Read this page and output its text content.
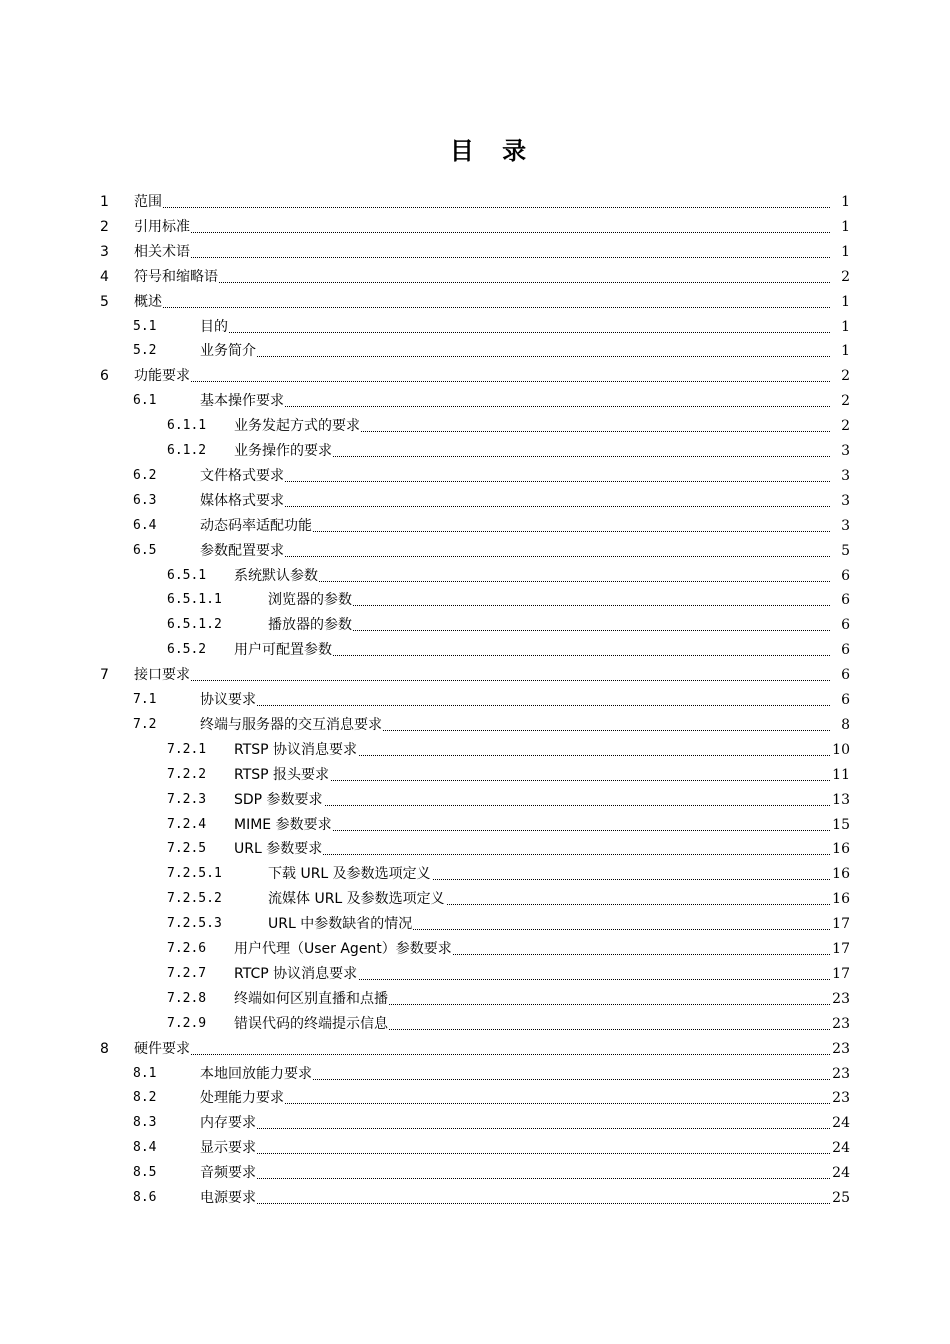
目 录
1 范围	1
2 引用标准	1
3 相关术语	1
4 符号和缩略语	2
5 概述	1
5.1	目的	1
5.2	业务简介	1
6 功能要求	2
6.1	基本操作要求	2
6.1.1 业务发起方式的要求	2
6.1.2 业务操作的要求	3
6.2	文件格式要求	3
6.3	媒体格式要求	3
6.4	动态码率适配功能	3
6.5	参数配置要求	5
6.5.1 系统默认参数	6
6.5.1.1	浏览器的参数	6
6.5.1.2	播放器的参数	6
6.5.2 用户可配置参数	6
7 接口要求	6
7.1	协议要求	6
7.2	终端与服务器的交互消息要求	8
7.2.1 RTSP 协议消息要求	10
7.2.2 RTSP 报头要求	11
7.2.3 SDP 参数要求	13
7.2.4 MIME 参数要求	15
7.2.5 URL 参数要求	16
7.2.5.1	下载 URL 及参数选项定义	16
7.2.5.2	流媒体 URL 及参数选项定义	16
7.2.5.3	URL 中参数缺省的情况	17
7.2.6 用户代理（User Agent）参数要求	17
7.2.7 RTCP 协议消息要求	17
7.2.8 终端如何区别直播和点播	23
7.2.9 错误代码的终端提示信息	23
8 硬件要求	23
8.1	本地回放能力要求	23
8.2	处理能力要求	23
8.3	内存要求	24
8.4	显示要求	24
8.5	音频要求	24
8.6	电源要求	25
